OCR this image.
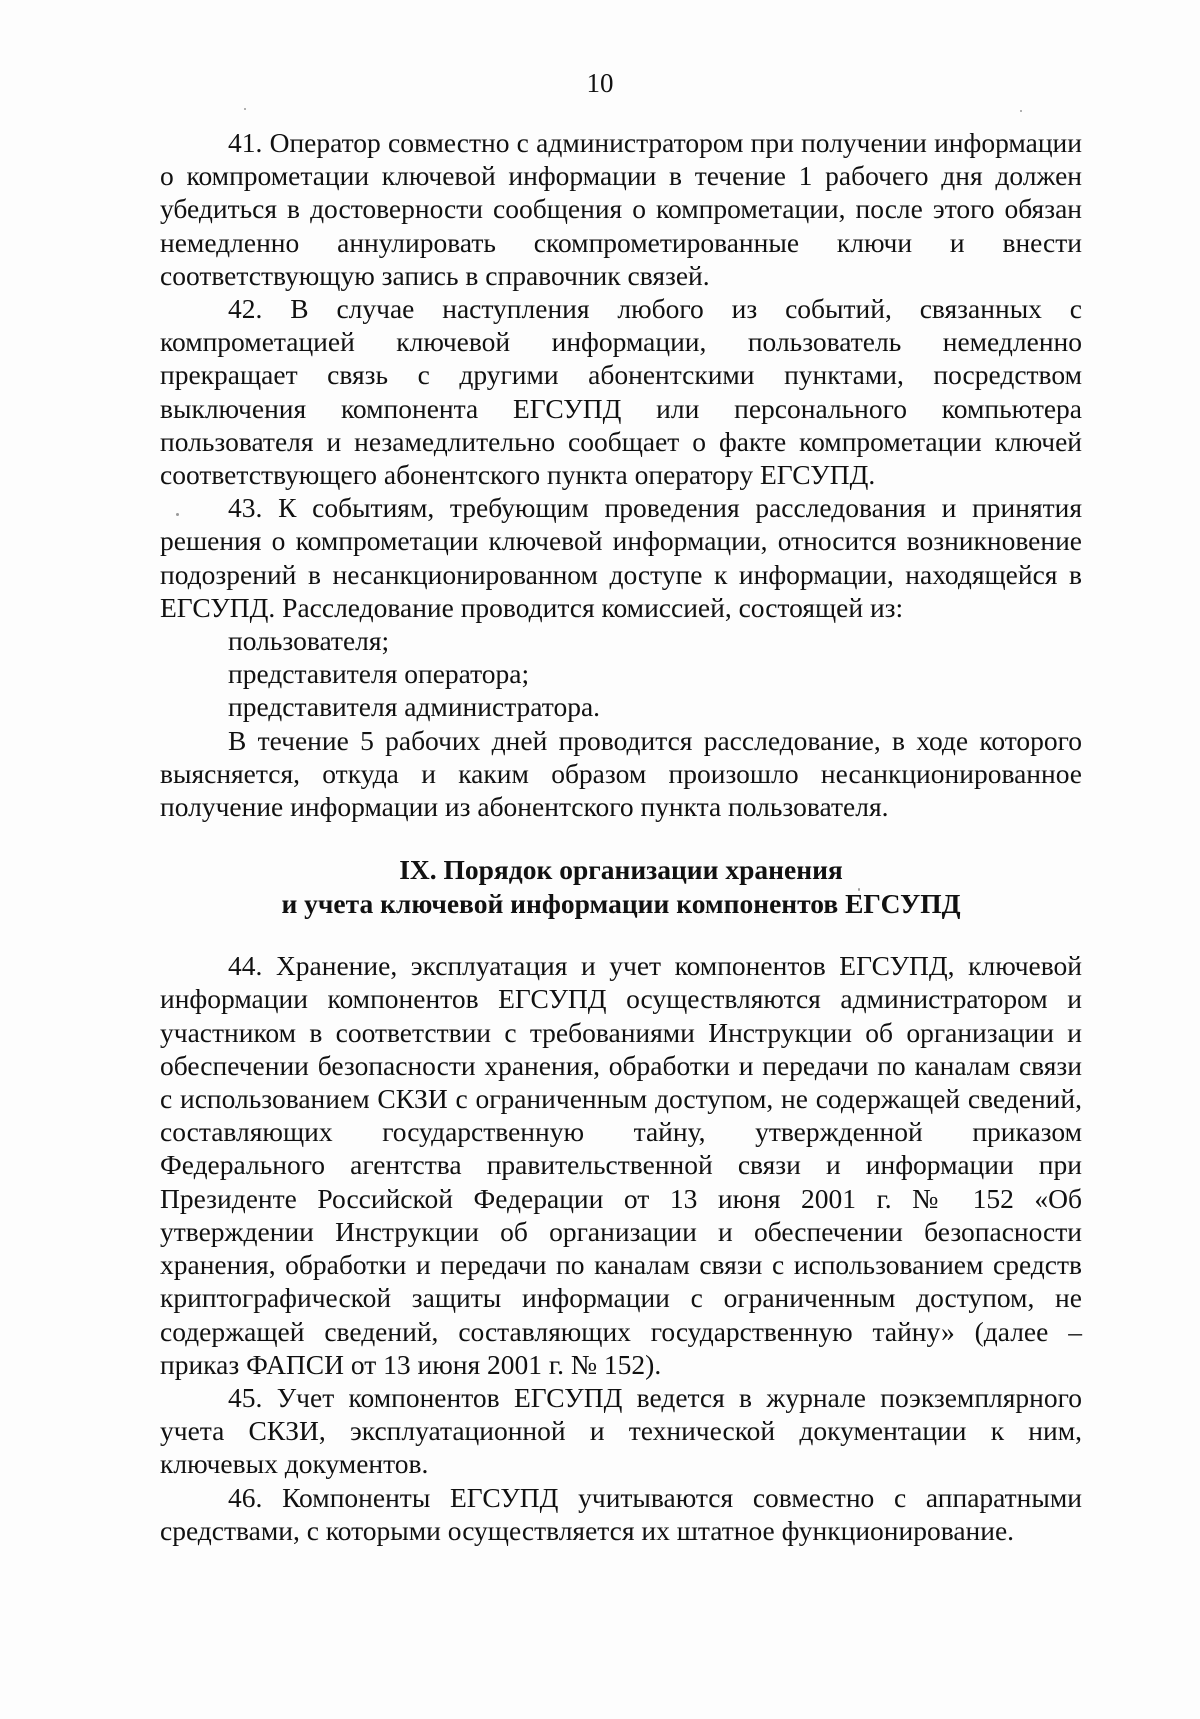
10

41. Оператор совместно с администратором при получении информации о компрометации ключевой информации в течение 1 рабочего дня должен убедиться в достоверности сообщения о компрометации, после этого обязан немедленно аннулировать скомпрометированные ключи и внести соответствующую запись в справочник связей.

42. В случае наступления любого из событий, связанных с компрометацией ключевой информации, пользователь немедленно прекращает связь с другими абонентскими пунктами, посредством выключения компонента ЕГСУПД или персонального компьютера пользователя и незамедлительно сообщает о факте компрометации ключей соответствующего абонентского пункта оператору ЕГСУПД.

43. К событиям, требующим проведения расследования и принятия решения о компрометации ключевой информации, относится возникновение подозрений в несанкционированном доступе к информации, находящейся в ЕГСУПД. Расследование проводится комиссией, состоящей из:

пользователя;

представителя оператора;

представителя администратора.

В течение 5 рабочих дней проводится расследование, в ходе которого выясняется, откуда и каким образом произошло несанкционированное получение информации из абонентского пункта пользователя.

IX. Порядок организации хранения
и учета ключевой информации компонентов ЕГСУПД

44. Хранение, эксплуатация и учет компонентов ЕГСУПД, ключевой информации компонентов ЕГСУПД осуществляются администратором и участником в соответствии с требованиями Инструкции об организации и обеспечении безопасности хранения, обработки и передачи по каналам связи с использованием СКЗИ с ограниченным доступом, не содержащей сведений, составляющих государственную тайну, утвержденной приказом Федерального агентства правительственной связи и информации при Президенте Российской Федерации от 13 июня 2001 г. № 152 «Об утверждении Инструкции об организации и обеспечении безопасности хранения, обработки и передачи по каналам связи с использованием средств криптографической защиты информации с ограниченным доступом, не содержащей сведений, составляющих государственную тайну» (далее – приказ ФАПСИ от 13 июня 2001 г. № 152).

45. Учет компонентов ЕГСУПД ведется в журнале поэкземплярного учета СКЗИ, эксплуатационной и технической документации к ним, ключевых документов.

46. Компоненты ЕГСУПД учитываются совместно с аппаратными средствами, с которыми осуществляется их штатное функционирование.
